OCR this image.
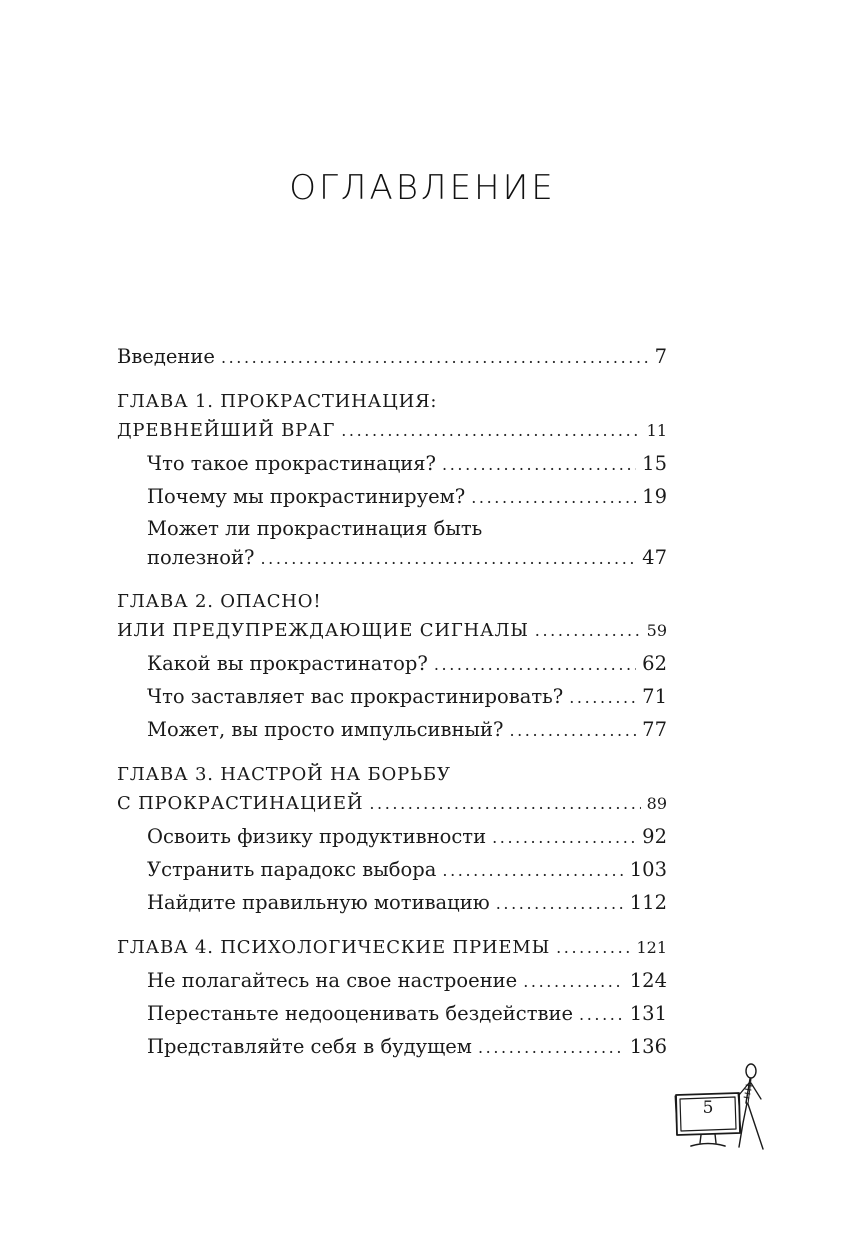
ОГЛАВЛЕНИЕ
Введение .....	7
ГЛАВА 1. ПРОКРАСТИНАЦИЯ:
ДРЕВНЕЙШИЙ ВРАГ .....	11
Что такое прокрастинация? .....	15
Почему мы прокрастинируем? .....	19
Может ли прокрастинация быть
полезной? .....	47
ГЛАВА 2. ОПАСНО!
ИЛИ ПРЕДУПРЕЖДАЮЩИЕ СИГНАЛЫ .....	59
Какой вы прокрастинатор? .....	62
Что заставляет вас прокрастинировать? .....	71
Может, вы просто импульсивный? .....	77
ГЛАВА 3. НАСТРОЙ НА БОРЬБУ
С ПРОКРАСТИНАЦИЕЙ .....	89
Освоить физику продуктивности .....	92
Устранить парадокс выбора .....	103
Найдите правильную мотивацию .....	112
ГЛАВА 4. ПСИХОЛОГИЧЕСКИЕ ПРИЕМЫ .....	121
Не полагайтесь на свое настроение .....	124
Перестаньте недооценивать бездействие .....	131
Представляйте себя в будущем .....	136
5
